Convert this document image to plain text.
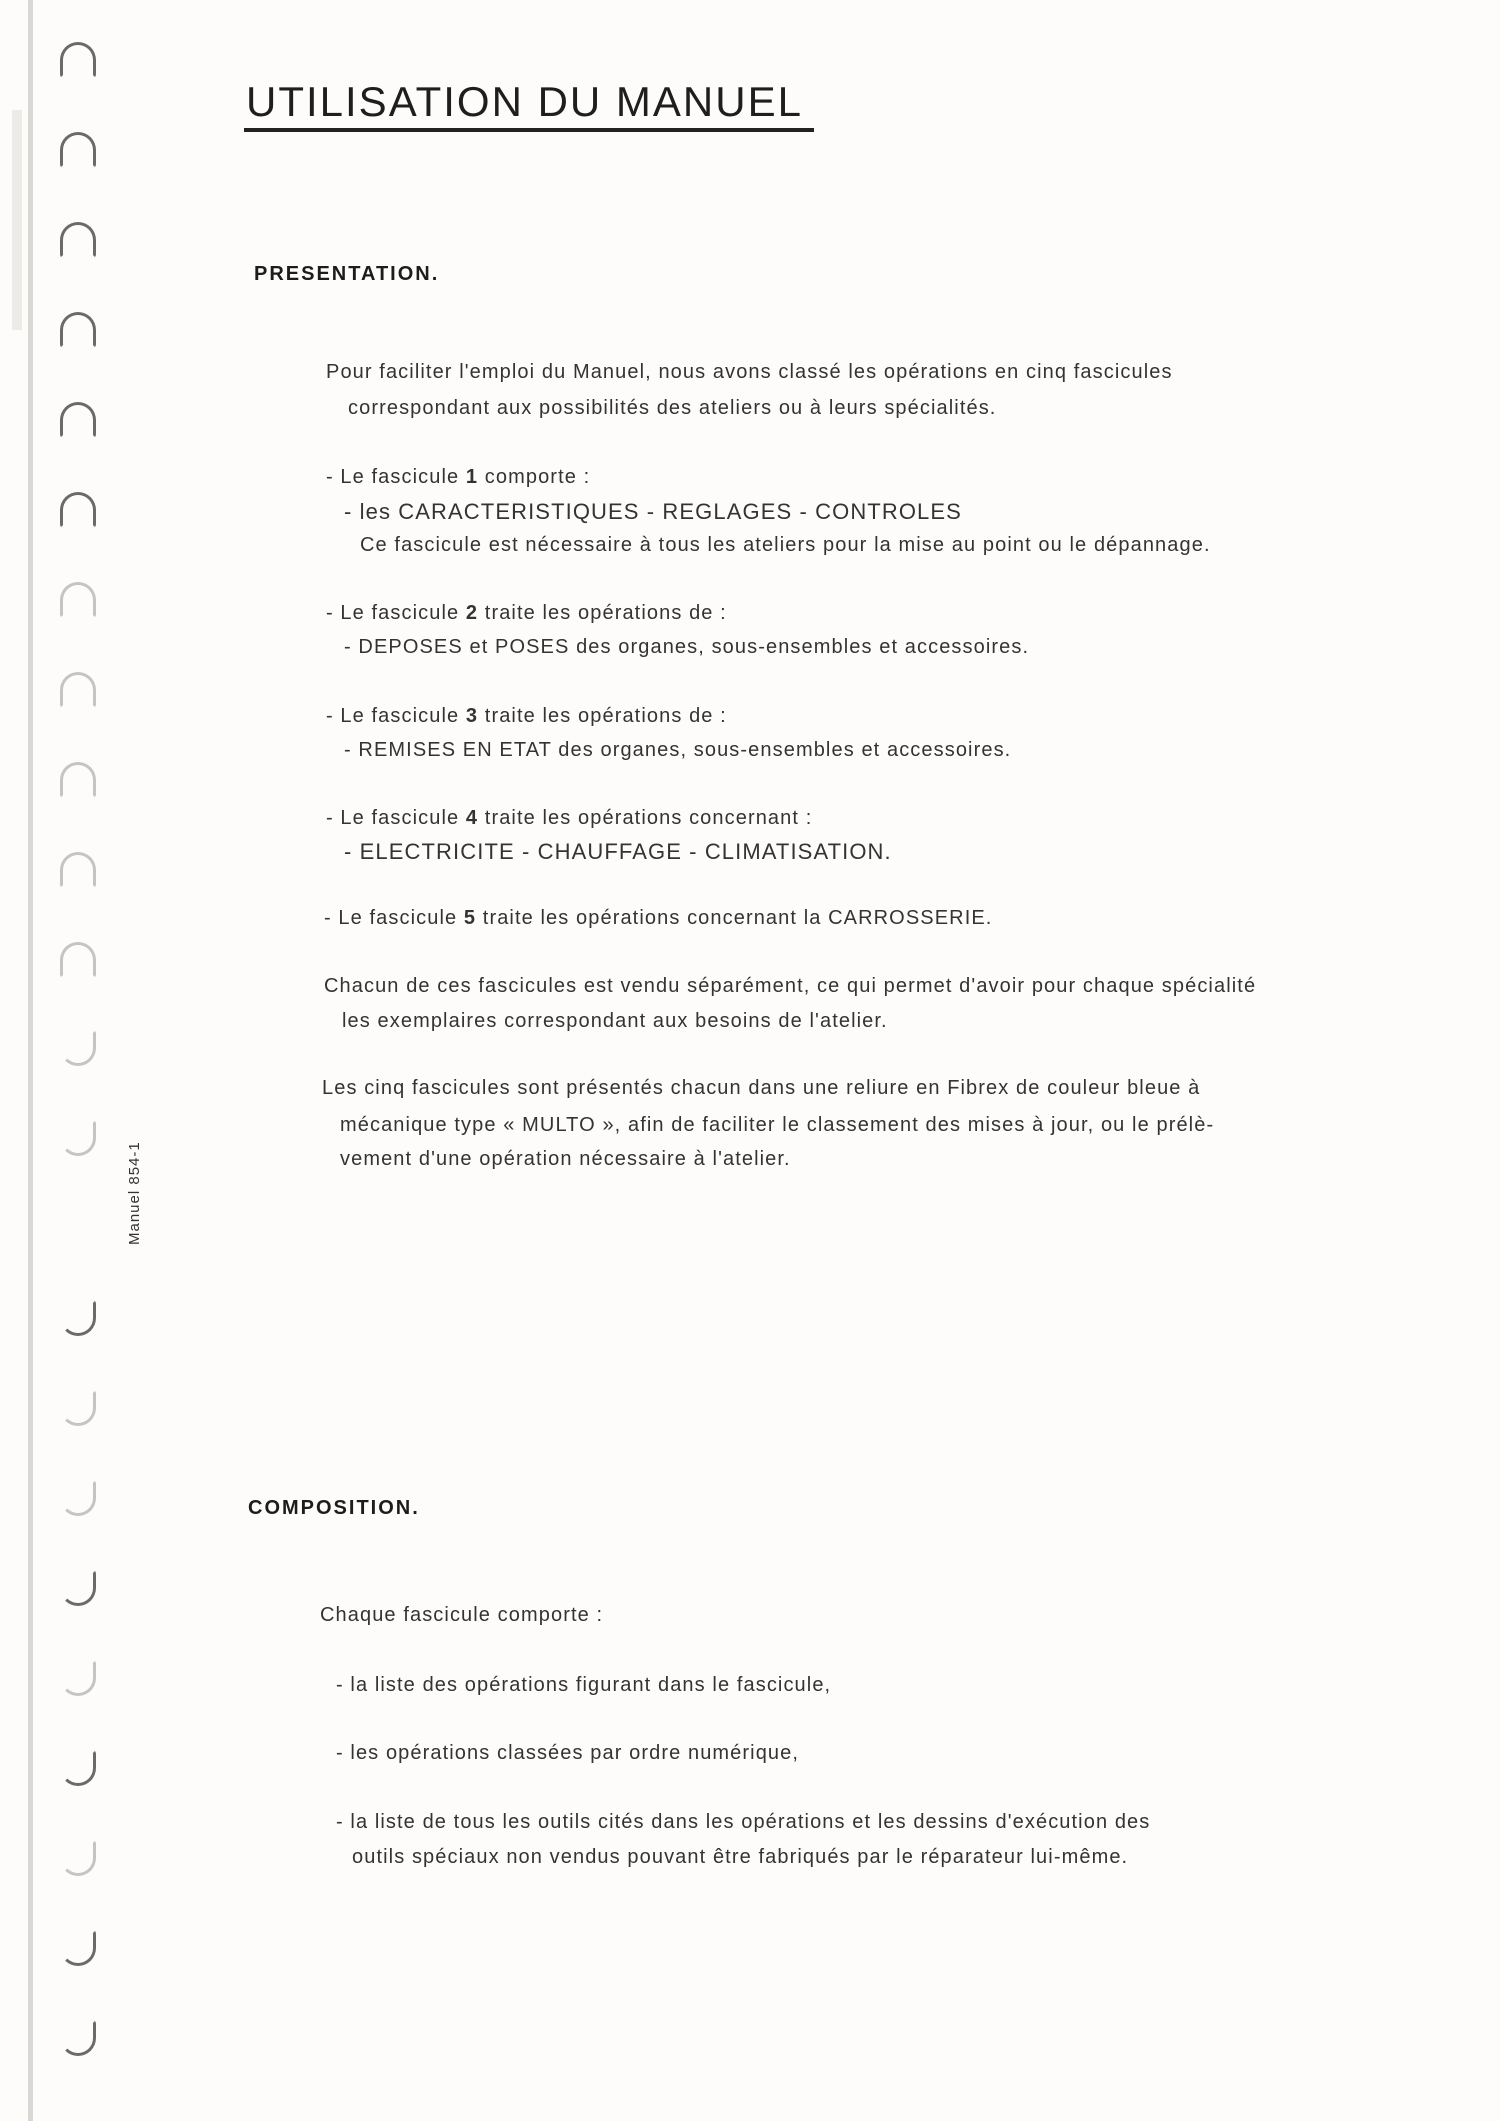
Manuel 854-1
UTILISATION DU MANUEL
PRESENTATION.

Pour faciliter l'emploi du Manuel, nous avons classé les opérations en cinq fascicules

correspondant aux possibilités des ateliers ou à leurs spécialités.

- Le fascicule 1 comporte :

- les CARACTERISTIQUES - REGLAGES - CONTROLES

Ce fascicule est nécessaire à tous les ateliers pour la mise au point ou le dépannage.

- Le fascicule 2 traite les opérations de :

- DEPOSES et POSES des organes, sous-ensembles et accessoires.

- Le fascicule 3 traite les opérations de :

- REMISES EN ETAT des organes, sous-ensembles et accessoires.

- Le fascicule 4 traite les opérations concernant :

- ELECTRICITE - CHAUFFAGE - CLIMATISATION.

- Le fascicule 5 traite les opérations concernant la CARROSSERIE.

Chacun de ces fascicules est vendu séparément, ce qui permet d'avoir pour chaque spécialité

les exemplaires correspondant aux besoins de l'atelier.

Les cinq fascicules sont présentés chacun dans une reliure en Fibrex de couleur bleue à

mécanique type « MULTO », afin de faciliter le classement des mises à jour, ou le prélè-

vement d'une opération nécessaire à l'atelier.

COMPOSITION.

Chaque fascicule comporte :

- la liste des opérations figurant dans le fascicule,

- les opérations classées par ordre numérique,

- la liste de tous les outils cités dans les opérations et les dessins d'exécution des

outils spéciaux non vendus pouvant être fabriqués par le réparateur lui-même.
